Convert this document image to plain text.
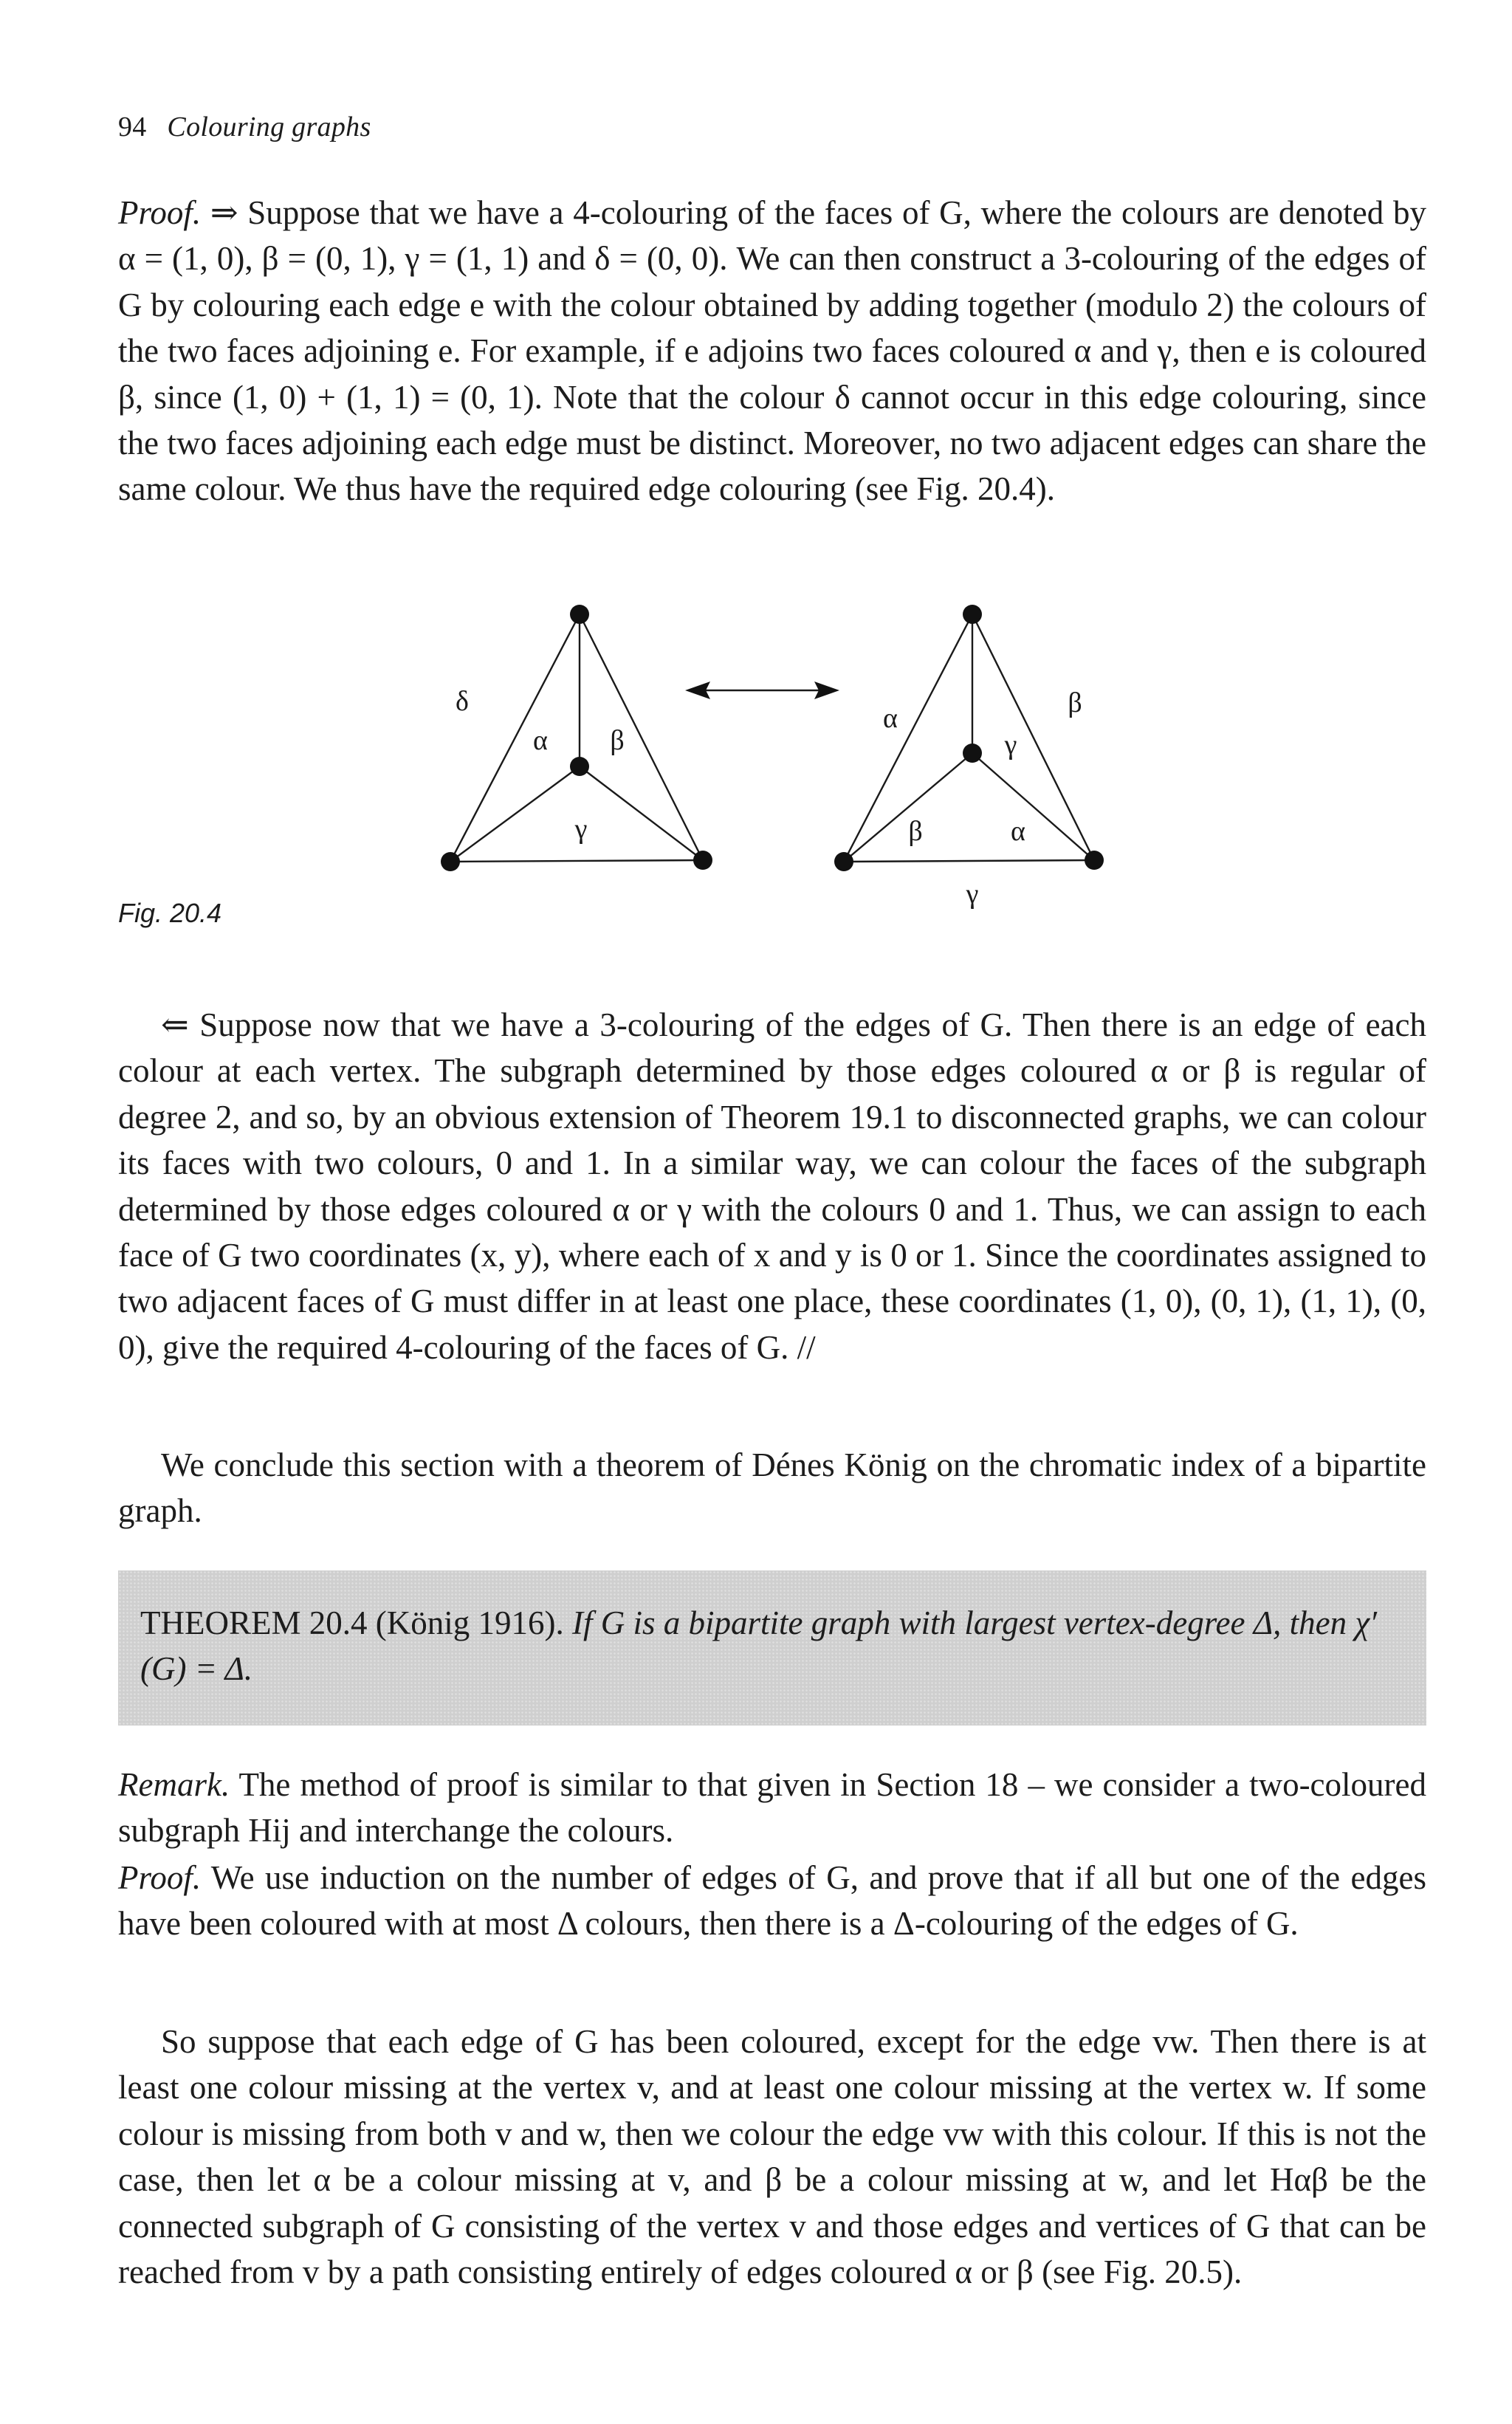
94 Colouring graphs

Proof. ⇒ Suppose that we have a 4-colouring of the faces of G, where the colours are denoted by α = (1, 0), β = (0, 1), γ = (1, 1) and δ = (0, 0). We can then construct a 3-colouring of the edges of G by colouring each edge e with the colour obtained by adding together (modulo 2) the colours of the two faces adjoining e. For example, if e adjoins two faces coloured α and γ, then e is coloured β, since (1, 0) + (1, 1) = (0, 1). Note that the colour δ cannot occur in this edge colouring, since the two faces adjoining each edge must be distinct. Moreover, no two adjacent edges can share the same colour. We thus have the required edge colouring (see Fig. 20.4).

δ
α β
γ
α	β
γ
β	α
γ
Fig. 20.4

⇐ Suppose now that we have a 3-colouring of the edges of G. Then there is an edge of each colour at each vertex. The subgraph determined by those edges coloured α or β is regular of degree 2, and so, by an obvious extension of Theorem 19.1 to disconnected graphs, we can colour its faces with two colours, 0 and 1. In a similar way, we can colour the faces of the subgraph determined by those edges coloured α or γ with the colours 0 and 1. Thus, we can assign to each face of G two coordinates (x, y), where each of x and y is 0 or 1. Since the coordinates assigned to two adjacent faces of G must differ in at least one place, these coordinates (1, 0), (0, 1), (1, 1), (0, 0), give the required 4-colouring of the faces of G. //

We conclude this section with a theorem of Dénes König on the chromatic index of a bipartite graph.

THEOREM 20.4 (König 1916). If G is a bipartite graph with largest vertex-degree Δ, then χ′(G) = Δ.

Remark. The method of proof is similar to that given in Section 18 – we consider a two-coloured subgraph Hij and interchange the colours.

Proof. We use induction on the number of edges of G, and prove that if all but one of the edges have been coloured with at most Δ colours, then there is a Δ-colouring of the edges of G.

So suppose that each edge of G has been coloured, except for the edge vw. Then there is at least one colour missing at the vertex v, and at least one colour missing at the vertex w. If some colour is missing from both v and w, then we colour the edge vw with this colour. If this is not the case, then let α be a colour missing at v, and β be a colour missing at w, and let Hαβ be the connected subgraph of G consisting of the vertex v and those edges and vertices of G that can be reached from v by a path consisting entirely of edges coloured α or β (see Fig. 20.5).
